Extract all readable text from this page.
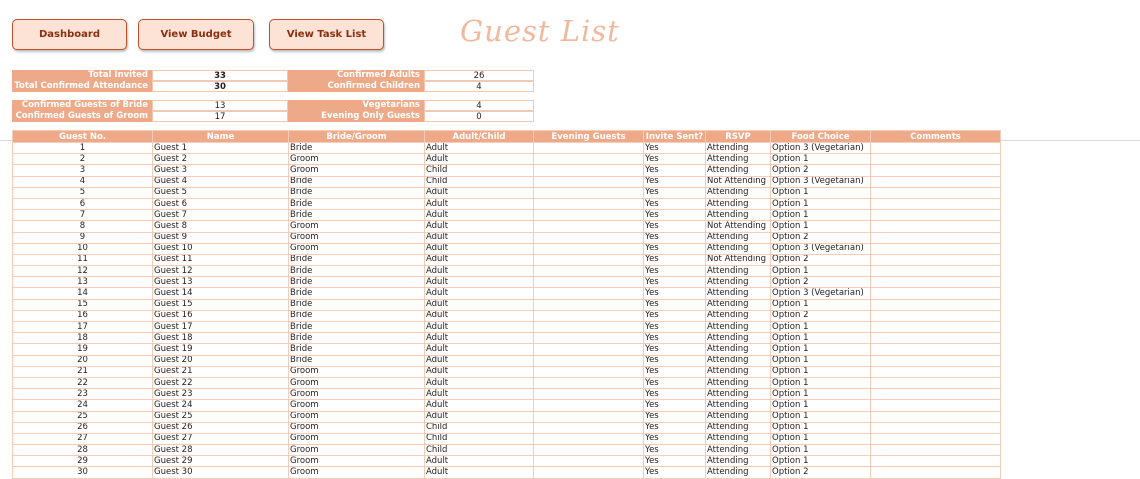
Dashboard	View Budget	View Task List	Guest List
Total Invited	33
Total Confirmed Attendance	30
Confirmed Adults	26
Confirmed Children	4
Confirmed Guests of Bride	13
Confirmed Guests of Groom	17
Vegetarians	4
Evening Only Guests	0
Guest No.	Name	Bride/Groom	Adult/Child	Evening Guests	Invite Sent?	RSVP	Food Choice	Comments
1	Guest 1	Bride	Adult		Yes	Attending	Option 3 (Vegetarian)	
2	Guest 2	Groom	Adult		Yes	Attending	Option 1	
3	Guest 3	Groom	Child		Yes	Attending	Option 2	
4	Guest 4	Bride	Child		Yes	Not Attending	Option 3 (Vegetarian)	
5	Guest 5	Bride	Adult		Yes	Attending	Option 1	
6	Guest 6	Bride	Adult		Yes	Attending	Option 1	
7	Guest 7	Bride	Adult		Yes	Attending	Option 1	
8	Guest 8	Groom	Adult		Yes	Not Attending	Option 1	
9	Guest 9	Groom	Adult		Yes	Attending	Option 2	
10	Guest 10	Groom	Adult		Yes	Attending	Option 3 (Vegetarian)	
11	Guest 11	Bride	Adult		Yes	Not Attending	Option 2	
12	Guest 12	Bride	Adult		Yes	Attending	Option 1	
13	Guest 13	Bride	Adult		Yes	Attending	Option 2	
14	Guest 14	Bride	Adult		Yes	Attending	Option 3 (Vegetarian)	
15	Guest 15	Bride	Adult		Yes	Attending	Option 1	
16	Guest 16	Bride	Adult		Yes	Attending	Option 2	
17	Guest 17	Bride	Adult		Yes	Attending	Option 1	
18	Guest 18	Bride	Adult		Yes	Attending	Option 1	
19	Guest 19	Bride	Adult		Yes	Attending	Option 1	
20	Guest 20	Bride	Adult		Yes	Attending	Option 1	
21	Guest 21	Groom	Adult		Yes	Attending	Option 1	
22	Guest 22	Groom	Adult		Yes	Attending	Option 1	
23	Guest 23	Groom	Adult		Yes	Attending	Option 1	
24	Guest 24	Groom	Adult		Yes	Attending	Option 1	
25	Guest 25	Groom	Adult		Yes	Attending	Option 1	
26	Guest 26	Groom	Child		Yes	Attending	Option 1	
27	Guest 27	Groom	Child		Yes	Attending	Option 1	
28	Guest 28	Groom	Child		Yes	Attending	Option 1	
29	Guest 29	Groom	Adult		Yes	Attending	Option 1	
30	Guest 30	Groom	Adult		Yes	Attending	Option 2	
